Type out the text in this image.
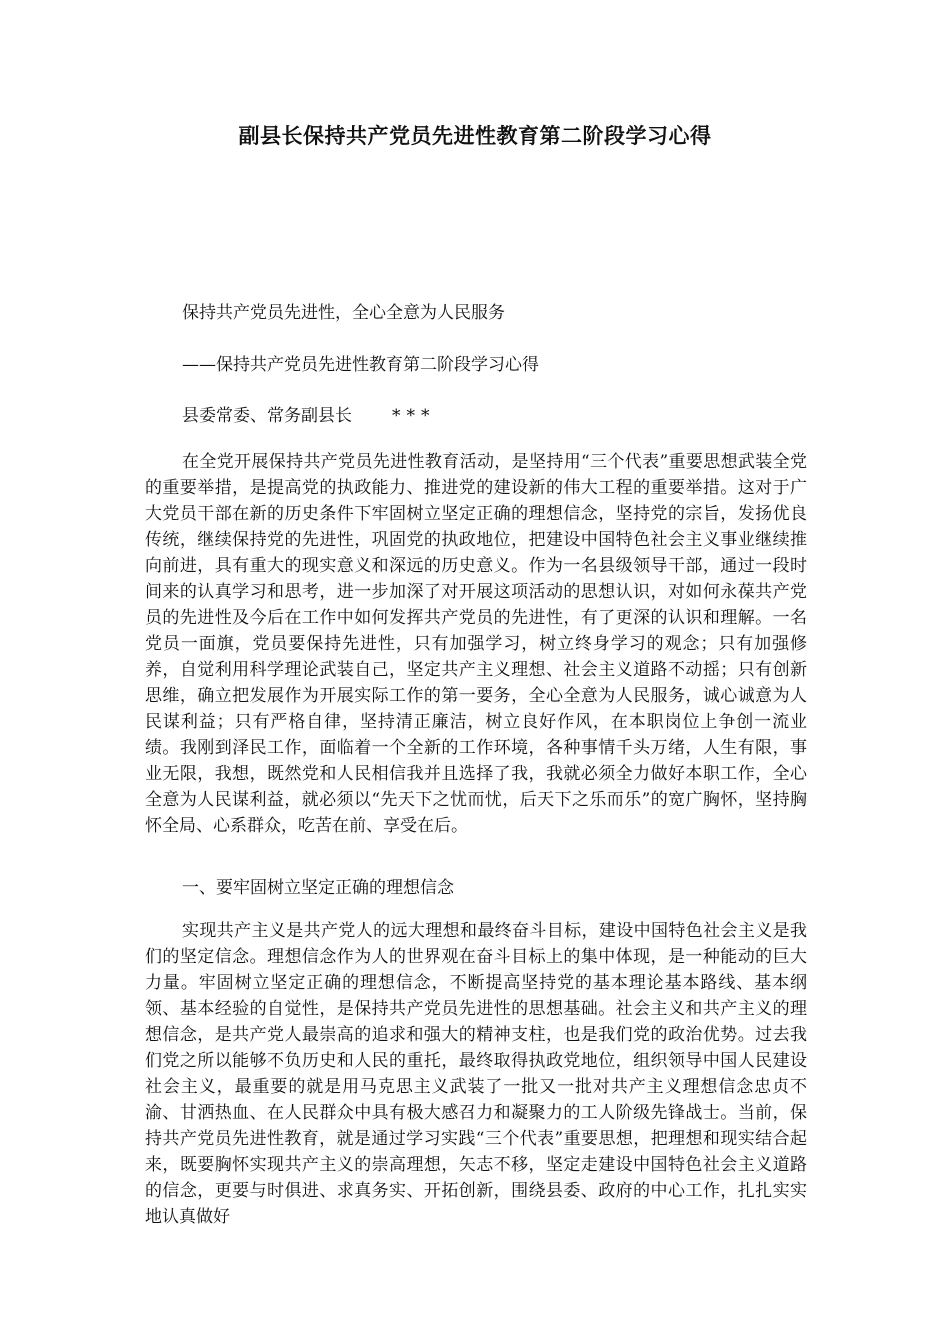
副县长保持共产党员先进性教育第二阶段学习心得

保持共产党员先进性，全心全意为人民服务

——保持共产党员先进性教育第二阶段学习心得

县委常委、常务副县长 ***

在全党开展保持共产党员先进性教育活动，是坚持用“三个代表”重要思想武装全党的重要举措，是提高党的执政能力、推进党的建设新的伟大工程的重要举措。这对于广大党员干部在新的历史条件下牢固树立坚定正确的理想信念，坚持党的宗旨，发扬优良传统，继续保持党的先进性，巩固党的执政地位，把建设中国特色社会主义事业继续推向前进，具有重大的现实意义和深远的历史意义。作为一名县级领导干部，通过一段时间来的认真学习和思考，进一步加深了对开展这项活动的思想认识，对如何永葆共产党员的先进性及今后在工作中如何发挥共产党员的先进性，有了更深的认识和理解。一名党员一面旗，党员要保持先进性，只有加强学习，树立终身学习的观念；只有加强修养，自觉利用科学理论武装自己，坚定共产主义理想、社会主义道路不动摇；只有创新思维，确立把发展作为开展实际工作的第一要务，全心全意为人民服务，诚心诚意为人民谋利益；只有严格自律，坚持清正廉洁，树立良好作风，在本职岗位上争创一流业绩。我刚到泽民工作，面临着一个全新的工作环境，各种事情千头万绪，人生有限，事业无限，我想，既然党和人民相信我并且选择了我，我就必须全力做好本职工作，全心全意为人民谋利益，就必须以“先天下之忧而忧，后天下之乐而乐”的宽广胸怀，坚持胸怀全局、心系群众，吃苦在前、享受在后。

一、要牢固树立坚定正确的理想信念

实现共产主义是共产党人的远大理想和最终奋斗目标，建设中国特色社会主义是我们的坚定信念。理想信念作为人的世界观在奋斗目标上的集中体现，是一种能动的巨大力量。牢固树立坚定正确的理想信念，不断提高坚持党的基本理论基本路线、基本纲领、基本经验的自觉性，是保持共产党员先进性的思想基础。社会主义和共产主义的理想信念，是共产党人最崇高的追求和强大的精神支柱，也是我们党的政治优势。过去我们党之所以能够不负历史和人民的重托，最终取得执政党地位，组织领导中国人民建设社会主义，最重要的就是用马克思主义武装了一批又一批对共产主义理想信念忠贞不渝、甘洒热血、在人民群众中具有极大感召力和凝聚力的工人阶级先锋战士。当前，保持共产党员先进性教育，就是通过学习实践“三个代表”重要思想，把理想和现实结合起来，既要胸怀实现共产主义的崇高理想，矢志不移，坚定走建设中国特色社会主义道路的信念，更要与时俱进、求真务实、开拓创新，围绕县委、政府的中心工作，扎扎实实地认真做好
